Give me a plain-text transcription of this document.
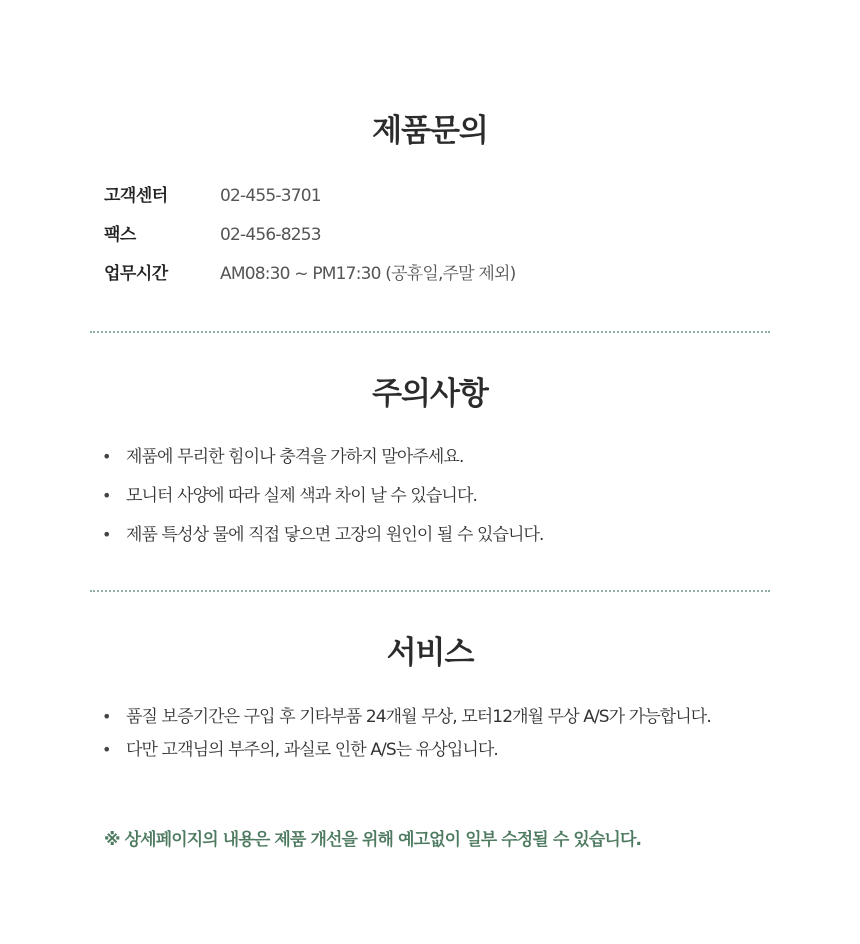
제품문의
고객센터	02-455-3701
팩스	02-456-8253
업무시간	AM08:30 ~ PM17:30 (공휴일,주말 제외)
주의사항
• 제품에 무리한 힘이나 충격을 가하지 말아주세요.
• 모니터 사양에 따라 실제 색과 차이 날 수 있습니다.
• 제품 특성상 물에 직접 닿으면 고장의 원인이 될 수 있습니다.
서비스
• 품질 보증기간은 구입 후 기타부품 24개월 무상, 모터12개월 무상 A/S가 가능합니다.
• 다만 고객님의 부주의, 과실로 인한 A/S는 유상입니다.
※ 상세페이지의 내용은 제품 개선을 위해 예고없이 일부 수정될 수 있습니다.
